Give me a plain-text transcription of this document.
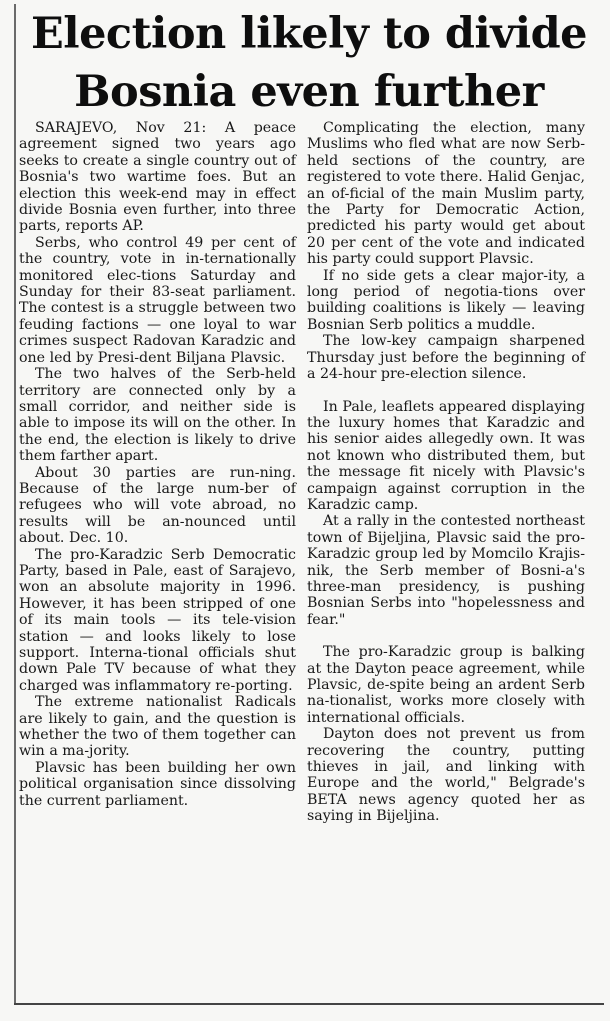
Election likely to divide
Bosnia even further

SARAJEVO, Nov 21: A peace agreement signed two years ago seeks to create a single country out of Bosnia's two wartime foes. But an election this week-end may in effect divide Bosnia even further, into three parts, reports AP.

Serbs, who control 49 per cent of the country, vote in in-ternationally monitored elec-tions Saturday and Sunday for their 83-seat parliament. The contest is a struggle between two feuding factions — one loyal to war crimes suspect Radovan Karadzic and one led by Presi-dent Biljana Plavsic.

The two halves of the Serb-held territory are connected only by a small corridor, and neither side is able to impose its will on the other. In the end, the election is likely to drive them farther apart.

About 30 parties are run-ning. Because of the large num-ber of refugees who will vote abroad, no results will be an-nounced until about. Dec. 10.

The pro-Karadzic Serb Democratic Party, based in Pale, east of Sarajevo, won an absolute majority in 1996. However, it has been stripped of one of its main tools — its tele-vision station — and looks likely to lose support. Interna-tional officials shut down Pale TV because of what they charged was inflammatory re-porting.

The extreme nationalist Radicals are likely to gain, and the question is whether the two of them together can win a ma-jority.

Plavsic has been building her own political organisation since dissolving the current parliament.

Complicating the election, many Muslims who fled what are now Serb-held sections of the country, are registered to vote there. Halid Genjac, an of-ficial of the main Muslim party, the Party for Democratic Action, predicted his party would get about 20 per cent of the vote and indicated his party could support Plavsic.

If no side gets a clear major-ity, a long period of negotia-tions over building coalitions is likely — leaving Bosnian Serb politics a muddle.

The low-key campaign sharpened Thursday just before the beginning of a 24-hour pre-election silence.

In Pale, leaflets appeared displaying the luxury homes that Karadzic and his senior aides allegedly own. It was not known who distributed them, but the message fit nicely with Plavsic's campaign against corruption in the Karadzic camp.

At a rally in the contested northeast town of Bijeljina, Plavsic said the pro-Karadzic group led by Momcilo Krajis-nik, the Serb member of Bosni-a's three-man presidency, is pushing Bosnian Serbs into "hopelessness and fear."

The pro-Karadzic group is balking at the Dayton peace agreement, while Plavsic, de-spite being an ardent Serb na-tionalist, works more closely with international officials.

Dayton does not prevent us from recovering the country, putting thieves in jail, and linking with Europe and the world," Belgrade's BETA news agency quoted her as saying in Bijeljina.
